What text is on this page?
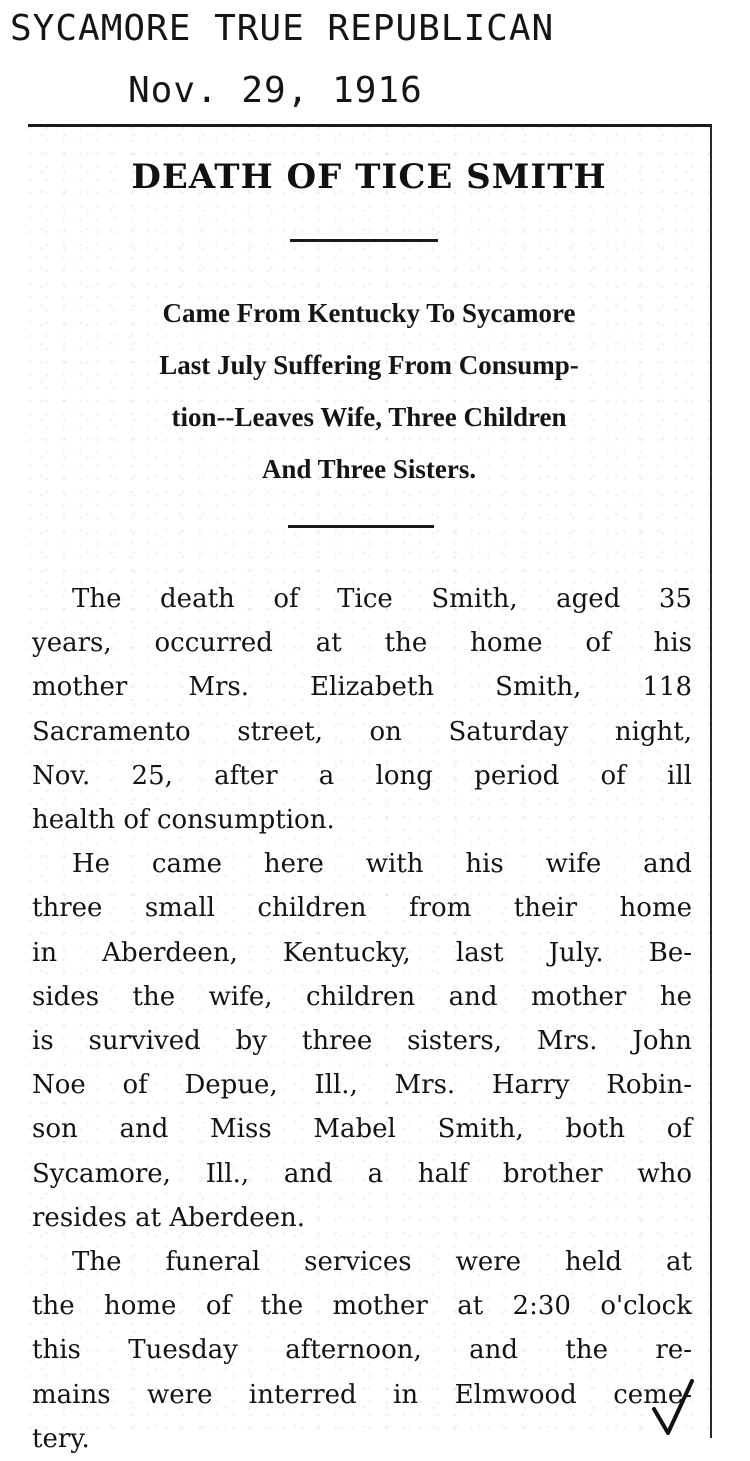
SYCAMORE TRUE REPUBLICAN
Nov. 29, 1916
DEATH OF TICE SMITH
Came From Kentucky To Sycamore
Last July Suffering From Consump-
tion--Leaves Wife, Three Children
And Three Sisters.
The death of Tice Smith, aged 35
years, occurred at the home of his
mother Mrs. Elizabeth Smith, 118
Sacramento street, on Saturday night,
Nov. 25, after a long period of ill
health of consumption.
He came here with his wife and
three small children from their home
in Aberdeen, Kentucky, last July. Be-
sides the wife, children and mother he
is survived by three sisters, Mrs. John
Noe of Depue, Ill., Mrs. Harry Robin-
son and Miss Mabel Smith, both of
Sycamore, Ill., and a half brother who
resides at Aberdeen.
The funeral services were held at
the home of the mother at 2:30 o'clock
this Tuesday afternoon, and the re-
mains were interred in Elmwood ceme-
tery.
